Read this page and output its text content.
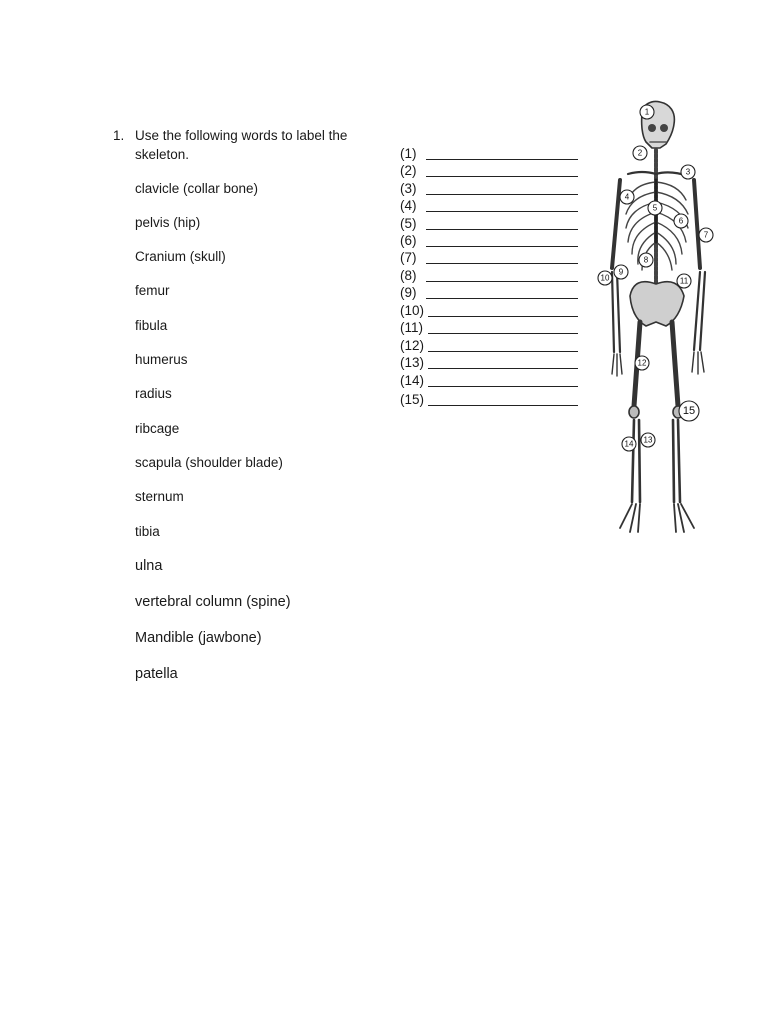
1. Use the following words to label the skeleton.
clavicle (collar bone)
pelvis (hip)
Cranium (skull)
femur
fibula
humerus
radius
ribcage
scapula (shoulder blade)
sternum
tibia
ulna
vertebral column (spine)
Mandible (jawbone)
patella
(1)
(2)
(3)
(4)
(5)
(6)
(7)
(8)
(9)
(10)
(11)
(12)
(13)
(14)
(15)
1
2
3
4
5
6
7
8
9
10	11
12
13
14
15
